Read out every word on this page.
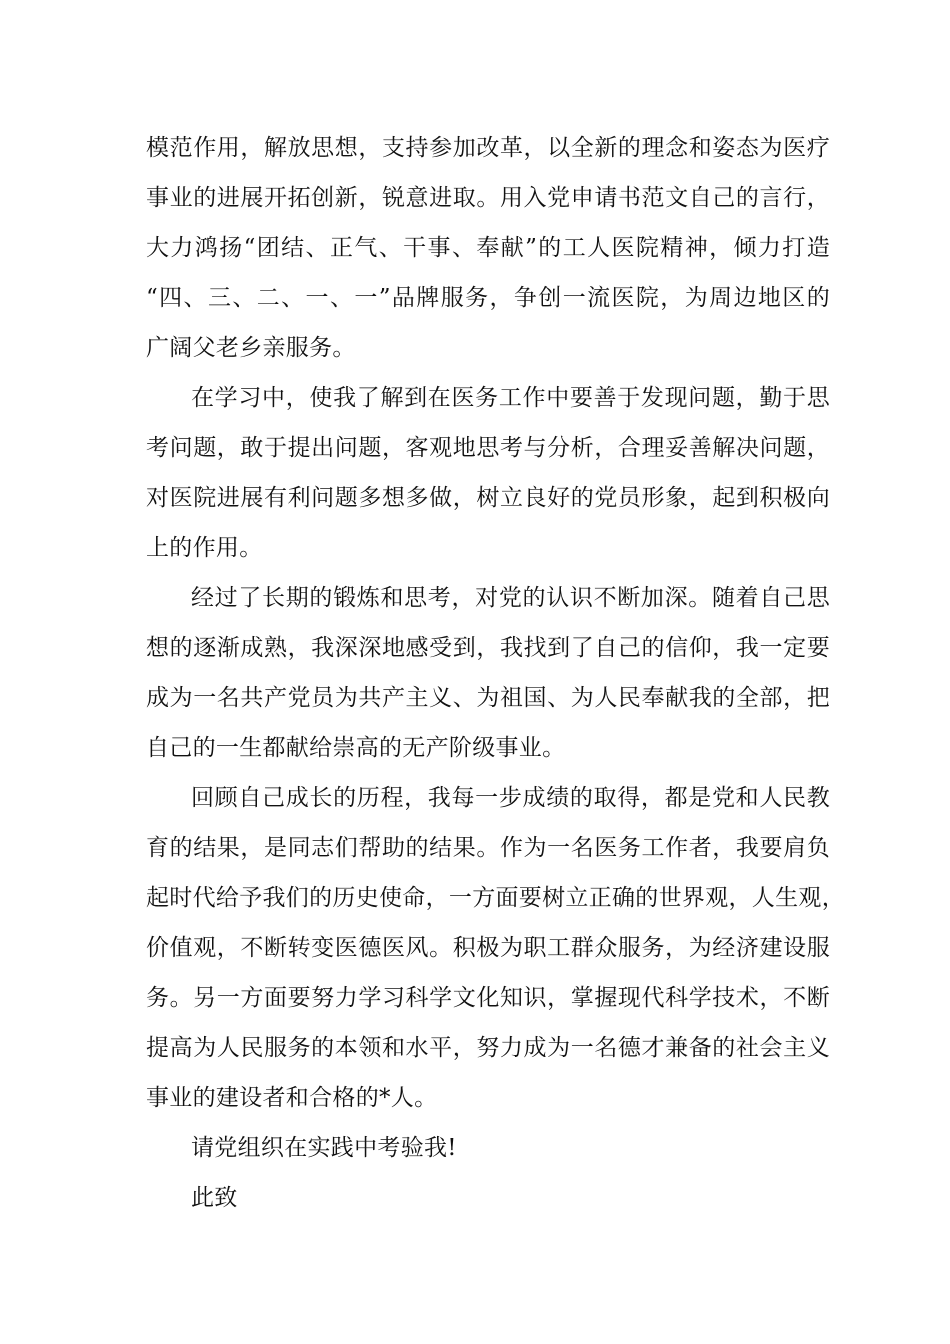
模范作用，解放思想，支持参加改革，以全新的理念和姿态为医疗
事业的进展开拓创新，锐意进取。用入党申请书范文自己的言行，
大力鸿扬“团结、正气、干事、奉献”的工人医院精神，倾力打造
“四、三、二、一、一”品牌服务，争创一流医院，为周边地区的
广阔父老乡亲服务。
在学习中，使我了解到在医务工作中要善于发现问题，勤于思
考问题，敢于提出问题，客观地思考与分析，合理妥善解决问题，
对医院进展有利问题多想多做，树立良好的党员形象，起到积极向
上的作用。
经过了长期的锻炼和思考，对党的认识不断加深。随着自己思
想的逐渐成熟，我深深地感受到，我找到了自己的信仰，我一定要
成为一名共产党员为共产主义、为祖国、为人民奉献我的全部，把
自己的一生都献给崇高的无产阶级事业。
回顾自己成长的历程，我每一步成绩的取得，都是党和人民教
育的结果，是同志们帮助的结果。作为一名医务工作者，我要肩负
起时代给予我们的历史使命，一方面要树立正确的世界观，人生观，
价值观，不断转变医德医风。积极为职工群众服务，为经济建设服
务。另一方面要努力学习科学文化知识，掌握现代科学技术，不断
提高为人民服务的本领和水平，努力成为一名德才兼备的社会主义
事业的建设者和合格的*人。
请党组织在实践中考验我!
此致
